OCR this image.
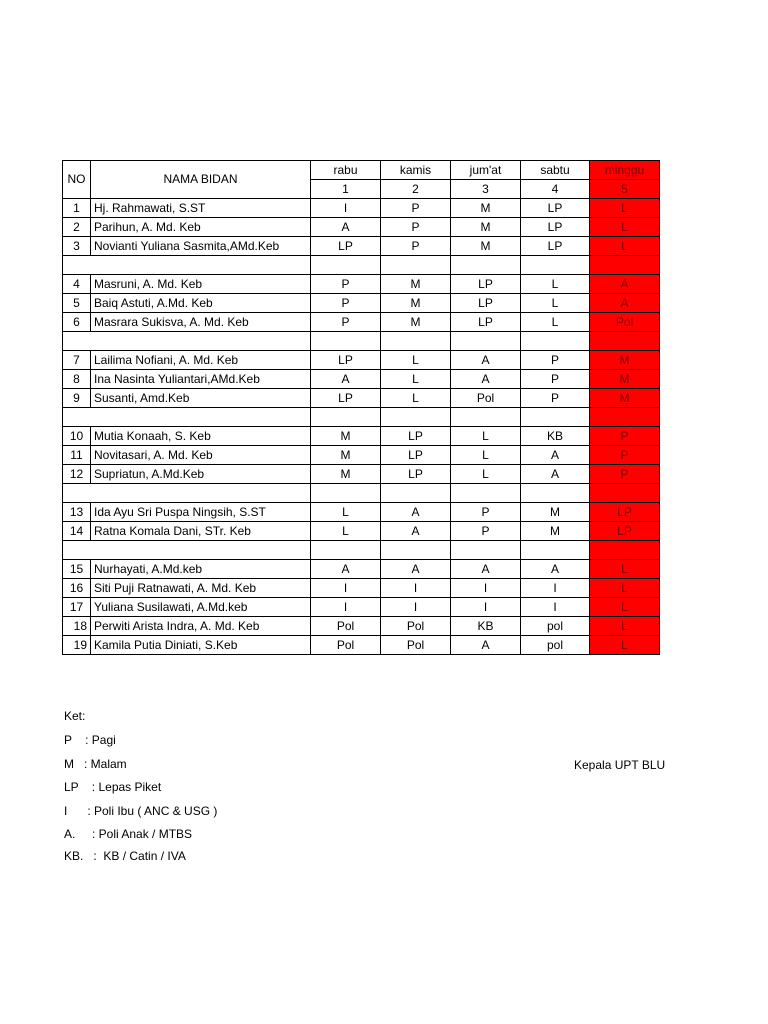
NO	NAMA BIDAN	rabu	kamis	jum'at	sabtu	minggu
		1	2	3	4	5
1	Hj. Rahmawati, S.ST	I	P	M	LP	L
2	Parihun, A. Md. Keb	A	P	M	LP	L
3	Novianti Yuliana Sasmita,AMd.Keb	LP	P	M	LP	L

4	Masruni, A. Md. Keb	P	M	LP	L	A
5	Baiq Astuti, A.Md. Keb	P	M	LP	L	A
6	Masrara Sukisva, A. Md. Keb	P	M	LP	L	Pol

7	Lailima Nofiani, A. Md. Keb	LP	L	A	P	M
8	Ina Nasinta Yuliantari,AMd.Keb	A	L	A	P	M
9	Susanti, Amd.Keb	LP	L	Pol	P	M

10	Mutia Konaah, S. Keb	M	LP	L	KB	P
11	Novitasari, A. Md. Keb	M	LP	L	A	P
12	Supriatun, A.Md.Keb	M	LP	L	A	P

13	Ida Ayu Sri Puspa Ningsih, S.ST	L	A	P	M	LP
14	Ratna Komala Dani, STr. Keb	L	A	P	M	LP

15	Nurhayati, A.Md.keb	A	A	A	A	L
16	Siti Puji Ratnawati, A. Md. Keb	I	I	I	I	L
17	Yuliana Susilawati, A.Md.keb	I	I	I	I	L
18	Perwiti Arista Indra, A. Md. Keb	Pol	Pol	KB	pol	L
19	Kamila Putia Diniati, S.Keb	Pol	Pol	A	pol	L
Ket:
P    : Pagi
M   : Malam
LP    : Lepas Piket
I      : Poli Ibu ( ANC & USG )
A.     : Poli Anak / MTBS
KB.   :  KB / Catin / IVA
Kepala UPT BLU
